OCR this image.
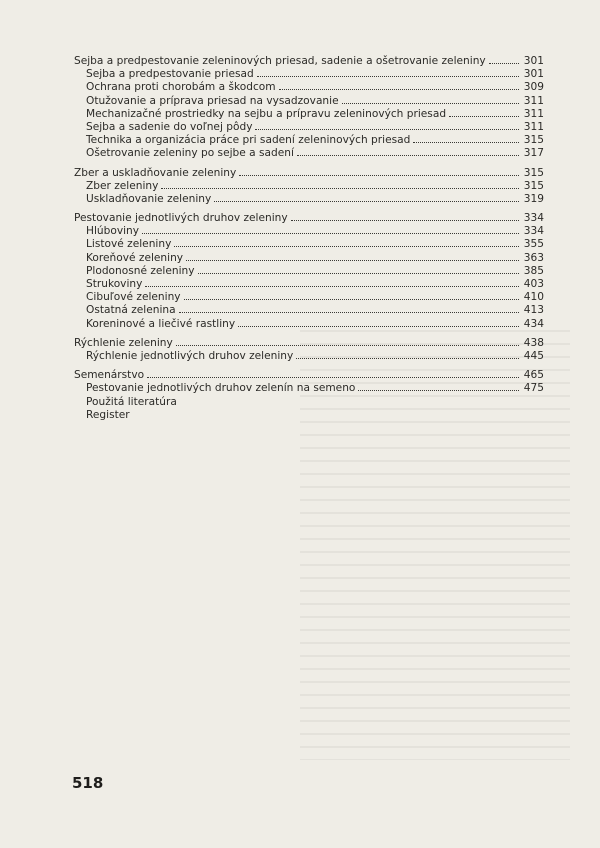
Sejba a predpestovanie zeleninových priesad, sadenie a ošetrovanie zeleniny	301
Sejba a predpestovanie priesad	301
Ochrana proti chorobám a škodcom	309
Otužovanie a príprava priesad na vysadzovanie	311
Mechanizačné prostriedky na sejbu a prípravu zeleninových priesad	311
Sejba a sadenie do voľnej pôdy	311
Technika a organizácia práce pri sadení zeleninových priesad	315
Ošetrovanie zeleniny po sejbe a sadení	317
Zber a uskladňovanie zeleniny	315
Zber zeleniny	315
Uskladňovanie zeleniny	319
Pestovanie jednotlivých druhov zeleniny	334
Hlúboviny	334
Listové zeleniny	355
Koreňové zeleniny	363
Plodonosné zeleniny	385
Strukoviny	403
Cibuľové zeleniny	410
Ostatná zelenina	413
Koreninové a liečivé rastliny	434
Rýchlenie zeleniny	438
Rýchlenie jednotlivých druhov zeleniny	445
Semenárstvo	465
Pestovanie jednotlivých druhov zelenín na semeno	475
Použitá literatúra
Register
518
